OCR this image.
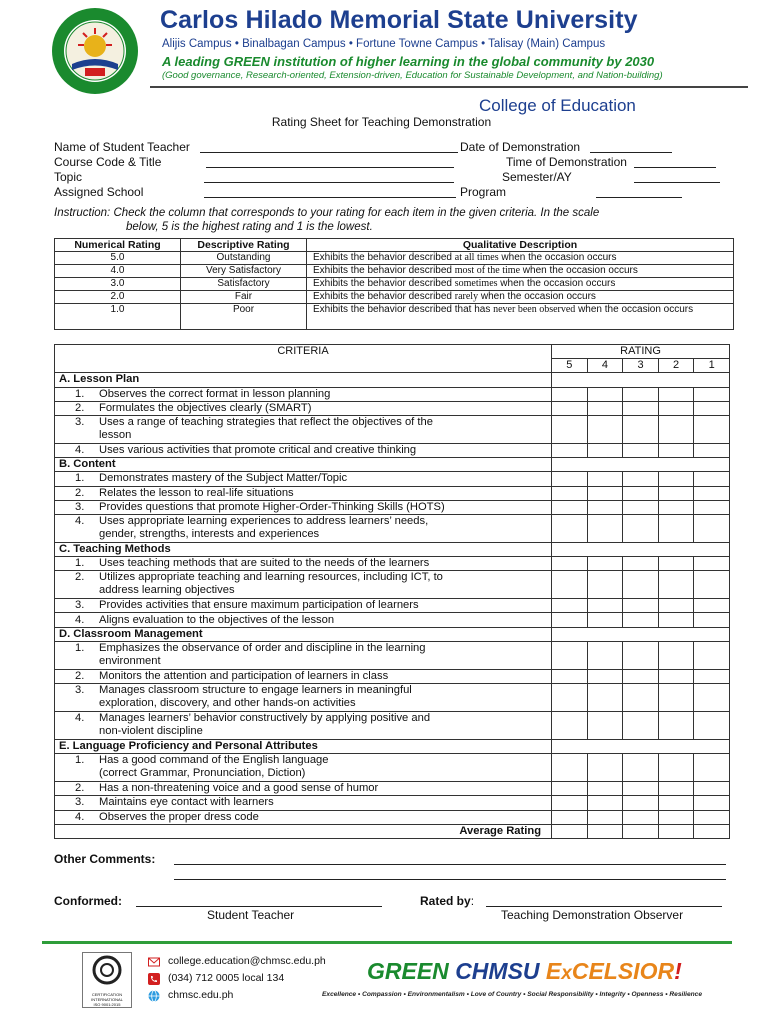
Carlos Hilado Memorial State University
Alijis Campus • Binalbagan Campus • Fortune Towne Campus • Talisay (Main) Campus
A leading GREEN institution of higher learning in the global community by 2030
(Good governance, Research-oriented, Extension-driven, Education for Sustainable Development, and Nation-building)
College of Education
Rating Sheet for Teaching Demonstration
Name of Student Teacher	Date of Demonstration
Course Code & Title	Time of Demonstration
Topic	Semester/AY
Assigned School	Program
Instruction: Check the column that corresponds to your rating for each item in the given criteria. In the scale
below, 5 is the highest rating and 1 is the lowest.
Numerical Rating	Descriptive Rating	Qualitative Description
5.0	Outstanding	Exhibits the behavior described at all times when the occasion occurs
4.0	Very Satisfactory	Exhibits the behavior described most of the time when the occasion occurs
3.0	Satisfactory	Exhibits the behavior described sometimes when the occasion occurs
2.0	Fair	Exhibits the behavior described rarely when the occasion occurs
1.0	Poor	Exhibits the behavior described that has never been observed when the occasion occurs
CRITERIA	RATING				
	5	4	3	2	1
A. Lesson Plan					
1. Observes the correct format in lesson planning					
2. Formulates the objectives clearly (SMART)					
3. Uses a range of teaching strategies that reflect the objectives of the
lesson					

4. Uses various activities that promote critical and creative thinking					
B. Content					
1. Demonstrates mastery of the Subject Matter/Topic					
2. Relates the lesson to real-life situations					
3. Provides questions that promote Higher-Order-Thinking Skills (HOTS)					
4. Uses appropriate learning experiences to address learners’ needs,
gender, strengths, interests and experiences					

C. Teaching Methods					
1. Uses teaching methods that are suited to the needs of the learners					
2. Utilizes appropriate teaching and learning resources, including ICT, to
address learning objectives					

3. Provides activities that ensure maximum participation of learners					
4. Aligns evaluation to the objectives of the lesson					
D. Classroom Management					
1. Emphasizes the observance of order and discipline in the learning
environment					

2. Monitors the attention and participation of learners in class					
3. Manages classroom structure to engage learners in meaningful
exploration, discovery, and other hands-on activities					

4. Manages learners’ behavior constructively by applying positive and
non-violent discipline					

E. Language Proficiency and Personal Attributes					
1. Has a good command of the English language
(correct Grammar, Pronunciation, Diction)					

2. Has a non-threatening voice and a good sense of humor					
3. Maintains eye contact with learners					
4. Observes the proper dress code					
Average Rating					
Other Comments:
Conformed:
Student Teacher
Rated by:
Teaching Demonstration Observer
CERTIFICATION INTERNATIONAL
ISO 9001:2015
college.education@chmsc.edu.ph
(034) 712 0005 local 134
chmsc.edu.ph
GREEN CHMSU ExCELSIOR!
Excellence • Compassion • Environmentalism • Love of Country • Social Responsibility • Integrity • Openness • Resilience
